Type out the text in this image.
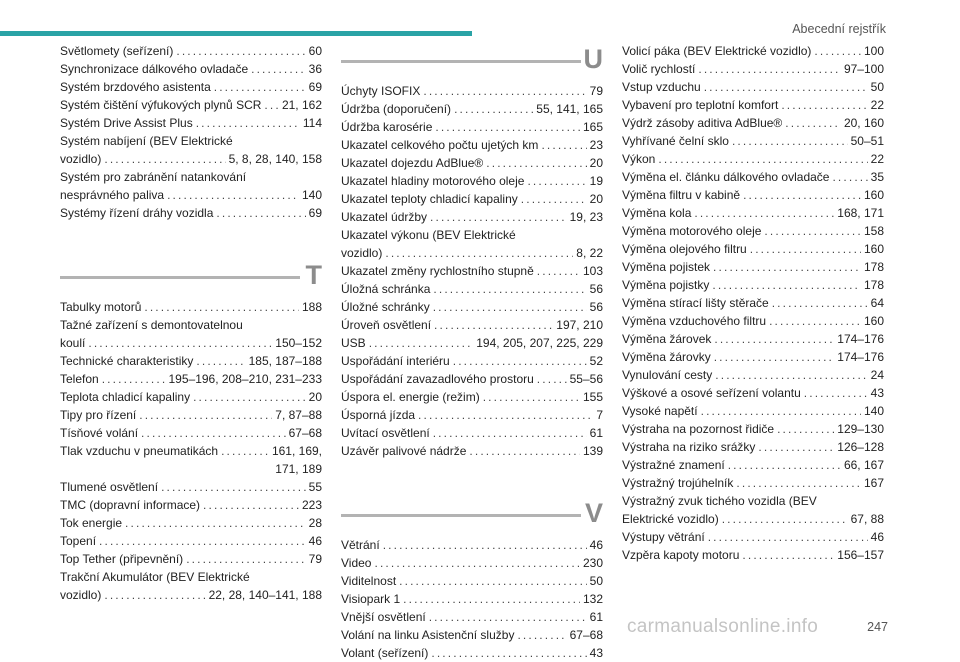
Abecední rejstřík
Světlomety (seřízení) . . .	60
Synchronizace dálkového ovladače . . .	36
Systém brzdového asistenta . . .	69
Systém čištění výfukových plynů SCR . . . 21, 162
Systém Drive Assist Plus . . .	114
Systém nabíjení (BEV Elektrické
vozidlo) . . .	5, 8, 28, 140, 158
Systém pro zabránění natankování
nesprávného paliva . . .	140
Systémy řízení dráhy vozidla . . .	69
T
Tabulky motorů . . .	188
Tažné zařízení s demontovatelnou
koulí . . .	150–152
Technické charakteristiky . . .	185, 187–188
Telefon . . .	195–196, 208–210, 231–233
Teplota chladicí kapaliny . . .	20
Tipy pro řízení . . .	7, 87–88
Tísňové volání . . .	67–68
Tlak vzduchu v pneumatikách . . .	161, 169,
171, 189
Tlumené osvětlení . . .	55
TMC (dopravní informace) . . .	223
Tok energie . . .	28
Topení . . .	46
Top Tether (připevnění) . . .	79
Trakční Akumulátor (BEV Elektrické
vozidlo) . . .	22, 28, 140–141, 188
U
Úchyty ISOFIX . . .	79
Údržba (doporučení) . . .	55, 141, 165
Údržba karosérie . . .	165
Ukazatel celkového počtu ujetých km . . .	23
Ukazatel dojezdu AdBlue® . . .	20
Ukazatel hladiny motorového oleje . . .	19
Ukazatel teploty chladicí kapaliny . . .	20
Ukazatel údržby . . .	19, 23
Ukazatel výkonu (BEV Elektrické
vozidlo) . . .	8, 22
Ukazatel změny rychlostního stupně . . .	103
Úložná schránka . . .	56
Úložné schránky . . .	56
Úroveň osvětlení . . .	197, 210
USB . . .	194, 205, 207, 225, 229
Uspořádání interiéru . . .	52
Uspořádání zavazadlového prostoru . . .	55–56
Úspora el. energie (režim) . . .	155
Úsporná jízda . . .	7
Uvítací osvětlení . . .	61
Uzávěr palivové nádrže . . .	139
V
Větrání . . .	46
Video . . .	230
Viditelnost . . .	50
Visiopark 1 . . .	132
Vnější osvětlení . . .	61
Volání na linku Asistenční služby . . .	67–68
Volant (seřízení) . . .	43
Volicí páka (BEV Elektrické vozidlo) . . .	100
Volič rychlostí . . .	97–100
Vstup vzduchu . . .	50
Vybavení pro teplotní komfort . . .	22
Výdrž zásoby aditiva AdBlue® . . .	20, 160
Vyhřívané čelní sklo . . .	50–51
Výkon . . .	22
Výměna el. článku dálkového ovladače . . .	35
Výměna filtru v kabině . . .	160
Výměna kola . . .	168, 171
Výměna motorového oleje . . .	158
Výměna olejového filtru . . .	160
Výměna pojistek . . .	178
Výměna pojistky . . .	178
Výměna stírací lišty stěrače . . .	64
Výměna vzduchového filtru . . .	160
Výměna žárovek . . .	174–176
Výměna žárovky . . .	174–176
Vynulování cesty . . .	24
Výškové a osové seřízení volantu . . .	43
Vysoké napětí . . .	140
Výstraha na pozornost řidiče . . .	129–130
Výstraha na riziko srážky . . .	126–128
Výstražné znamení . . .	66, 167
Výstražný trojúhelník . . .	167
Výstražný zvuk tichého vozidla (BEV
Elektrické vozidlo) . . .	67, 88
Výstupy větrání . . .	46
Vzpěra kapoty motoru . . .	156–157
carmanualsonline.info	247
